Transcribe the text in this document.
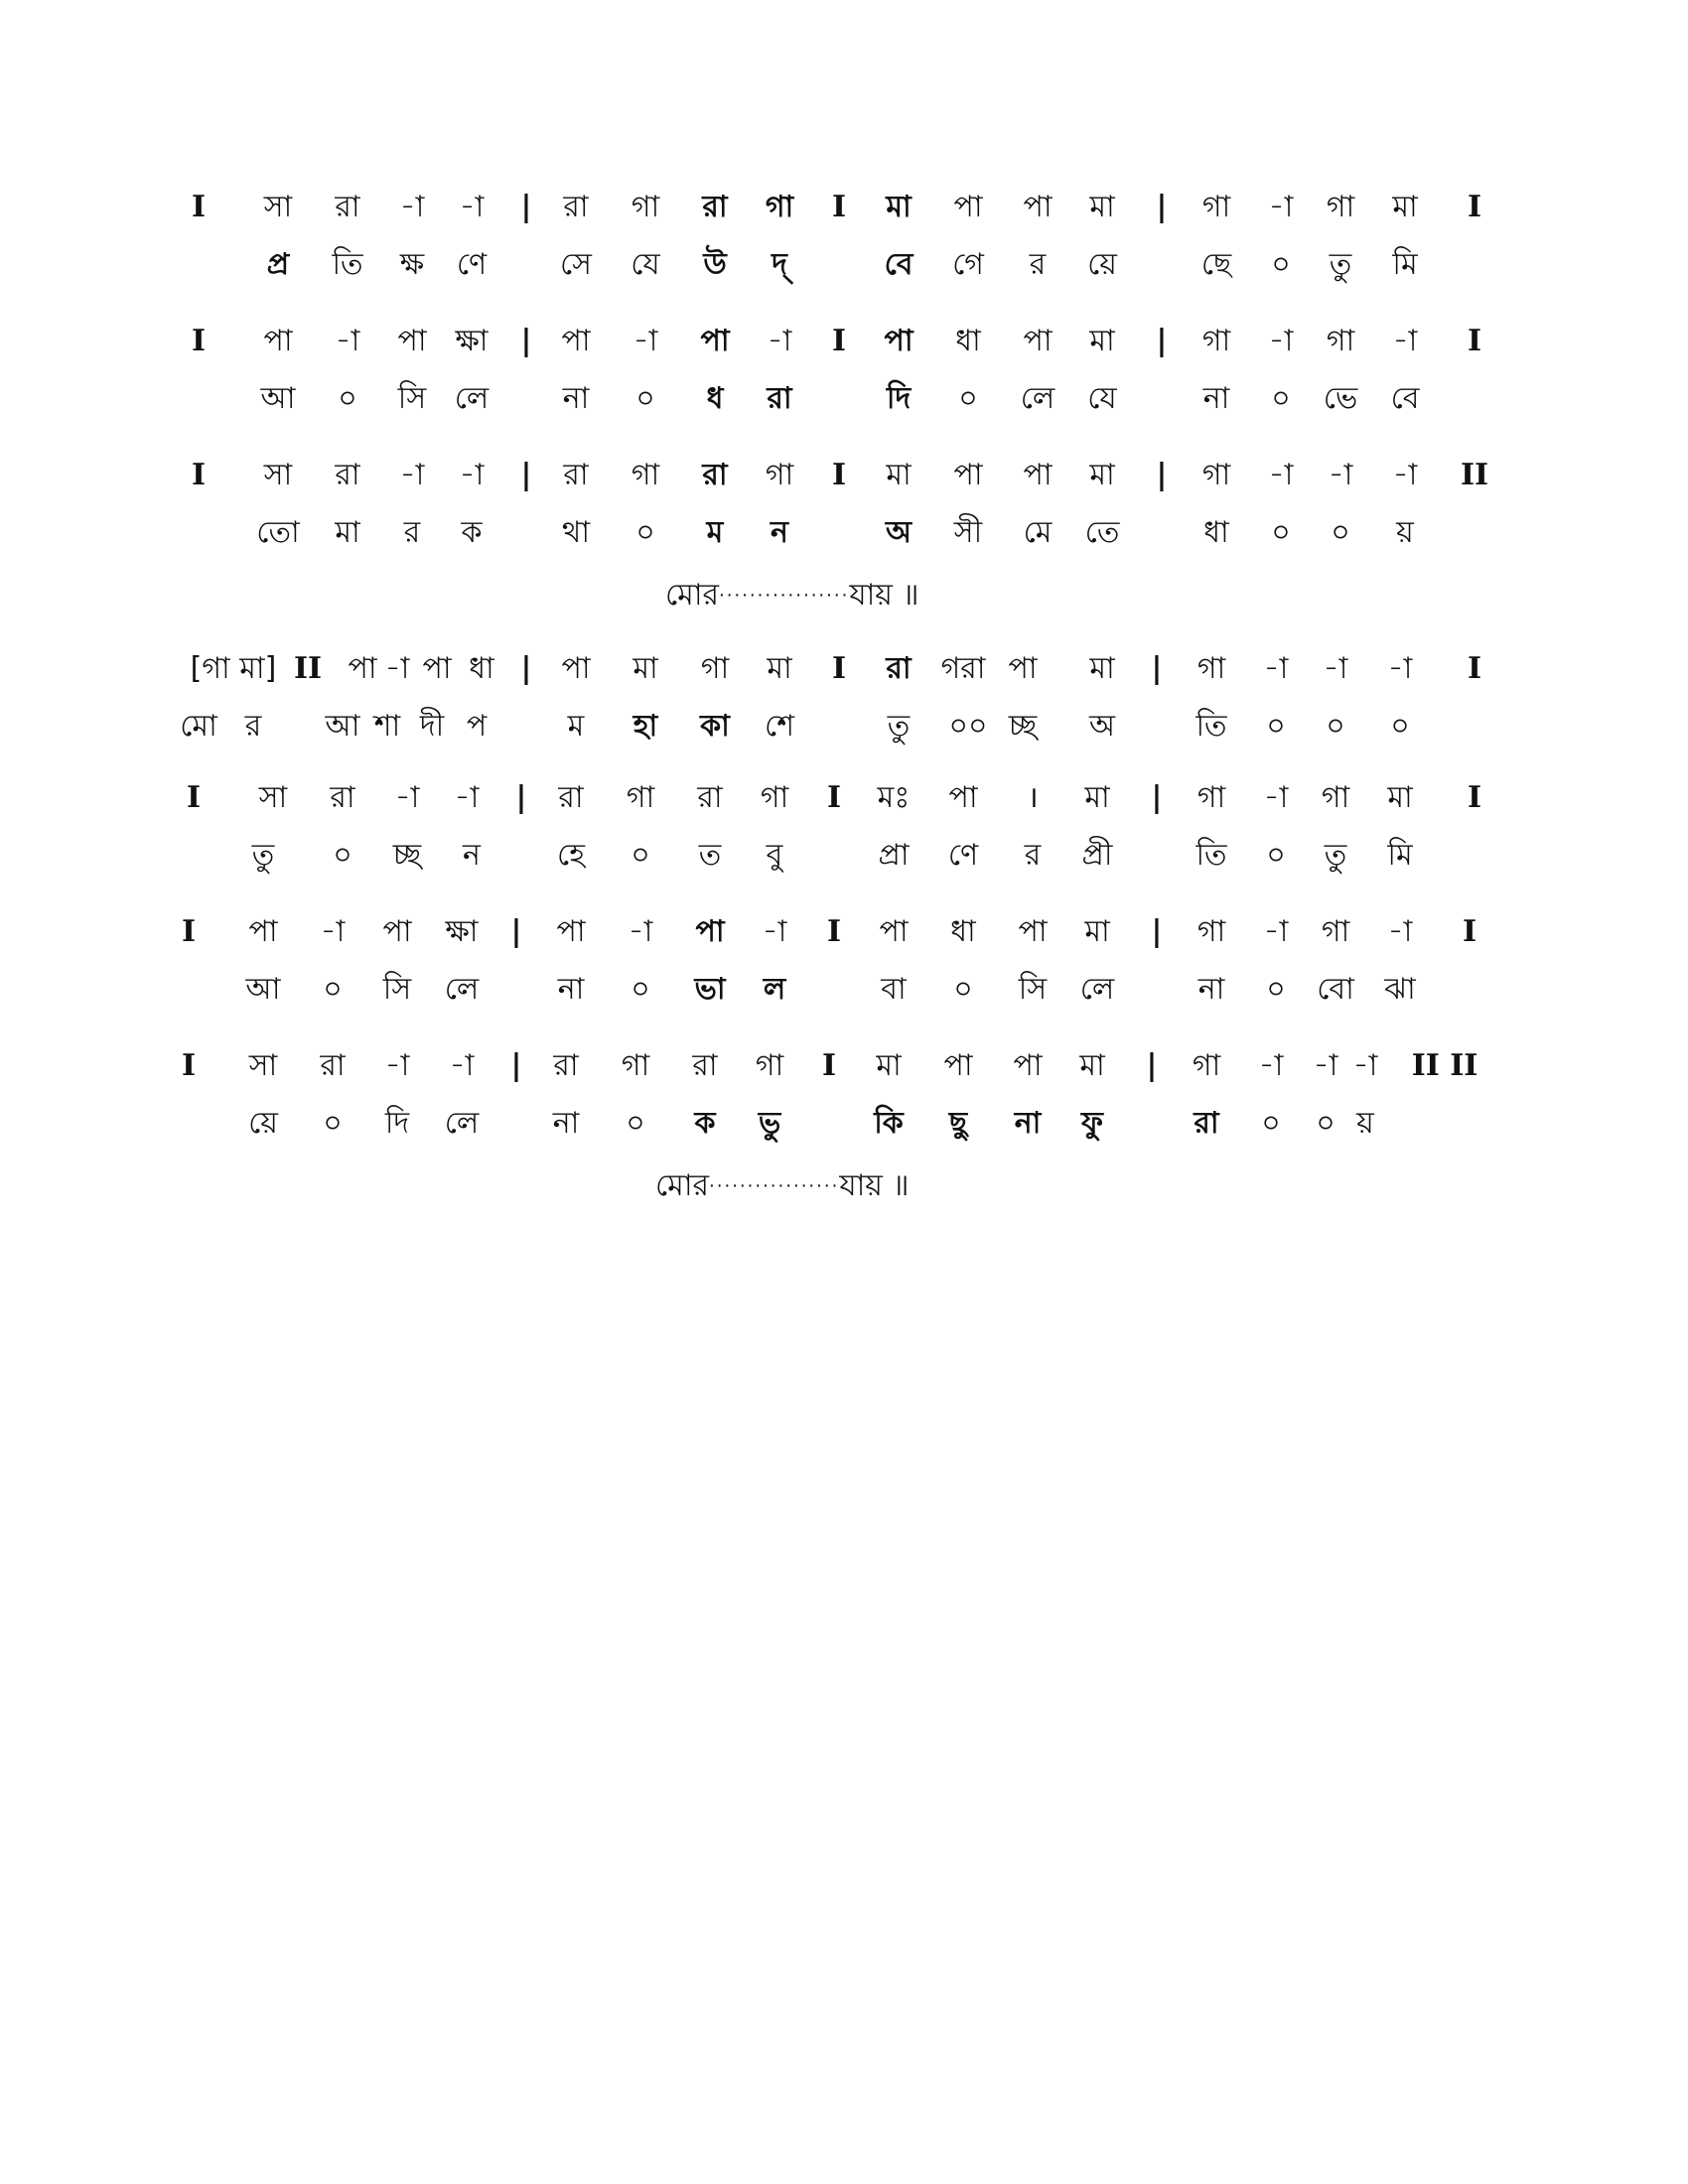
I সা রা -া -া | রা গা রা গা I মা পা পা মা | গা -া গা মা I
প্র তি ক্ষ ণে সে যে উ দ্	বে গে র য়ে	ছে ০ তু মি
I পা -া পা ক্ষা | পা -া পা -া I পা ধা পা মা | গা -া গা -া I
আ ০ সি লে না ০ ধ রা	দি ০ লে যে	না ০ ভে বে
I সা রা -া -া | রা গা রা গা I মা পা পা মা | গা -া -া -া II
তো মা র ক	থা ০ ম ন	অ সী মে তে	ধা ০ ০ য়
মোর·················যায় ॥
[গা মা] II পা -া পা ধা | পা মা গা মা I রা গরা পা মা | গা -া -া -া I
মো র আ শা দী প	ম হা কা শে	তু ০০ চ্ছ অ	তি ০ ০ ০
I সা রা -া -া | রা গা রা গা I মঃ পা । মা | গা -া গা মা I
তু ০ চ্ছ ন	হে ০ ত বু	প্রা ণে র প্রী	তি ০ তু মি
I পা -া পা ক্ষা | পা -া পা -া I পা ধা পা মা | গা -া গা -া I
আ ০ সি লে	না ০ ভা ল	বা ০ সি লে	না ০ বো ঝা
I সা রা -া -া | রা গা রা গা I মা পা পা মা | গা -া -া -া II II
য়ে ০ দি লে না ০ ক ভু	কি ছু না ফু	রা ০ ০ য়
মোর·················যায় ॥
